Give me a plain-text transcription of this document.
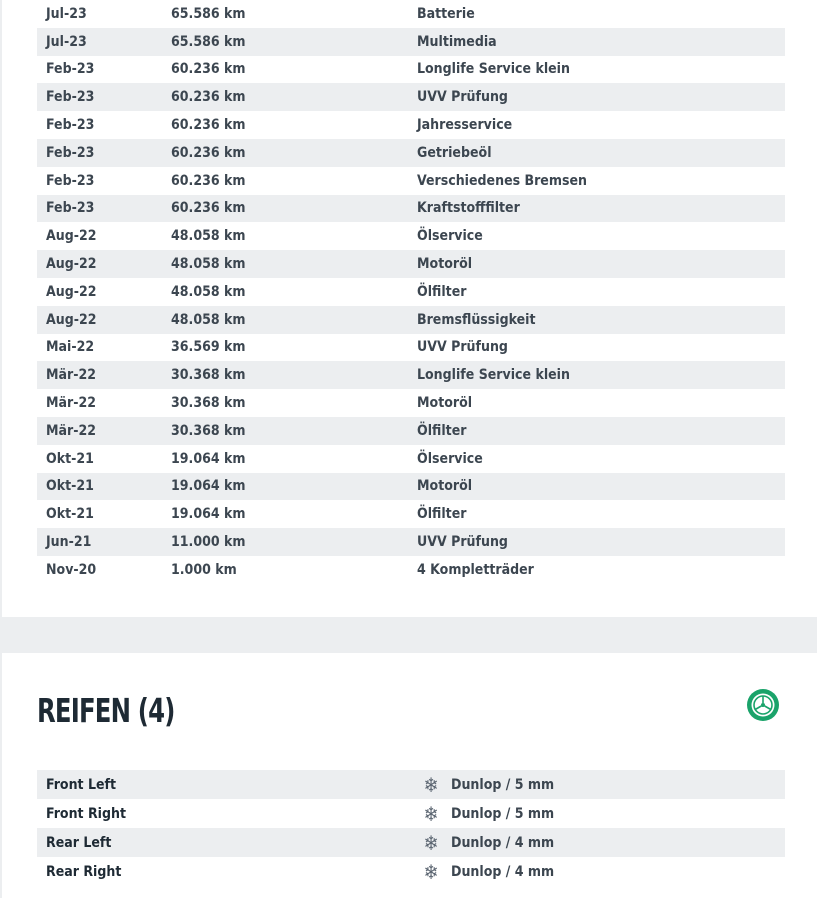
Jul-23	65.586 km	Batterie
Jul-23	65.586 km	Multimedia
Feb-23	60.236 km	Longlife Service klein
Feb-23	60.236 km	UVV Prüfung
Feb-23	60.236 km	Jahresservice
Feb-23	60.236 km	Getriebeöl
Feb-23	60.236 km	Verschiedenes Bremsen
Feb-23	60.236 km	Kraftstofffilter
Aug-22	48.058 km	Ölservice
Aug-22	48.058 km	Motoröl
Aug-22	48.058 km	Ölfilter
Aug-22	48.058 km	Bremsflüssigkeit
Mai-22	36.569 km	UVV Prüfung
Mär-22	30.368 km	Longlife Service klein
Mär-22	30.368 km	Motoröl
Mär-22	30.368 km	Ölfilter
Okt-21	19.064 km	Ölservice
Okt-21	19.064 km	Motoröl
Okt-21	19.064 km	Ölfilter
Jun-21	11.000 km	UVV Prüfung
Nov-20	1.000 km	4 Kompletträder
REIFEN (4)
Front Left	❄ Dunlop / 5 mm
Front Right	❄ Dunlop / 5 mm
Rear Left	❄ Dunlop / 4 mm
Rear Right	❄ Dunlop / 4 mm
